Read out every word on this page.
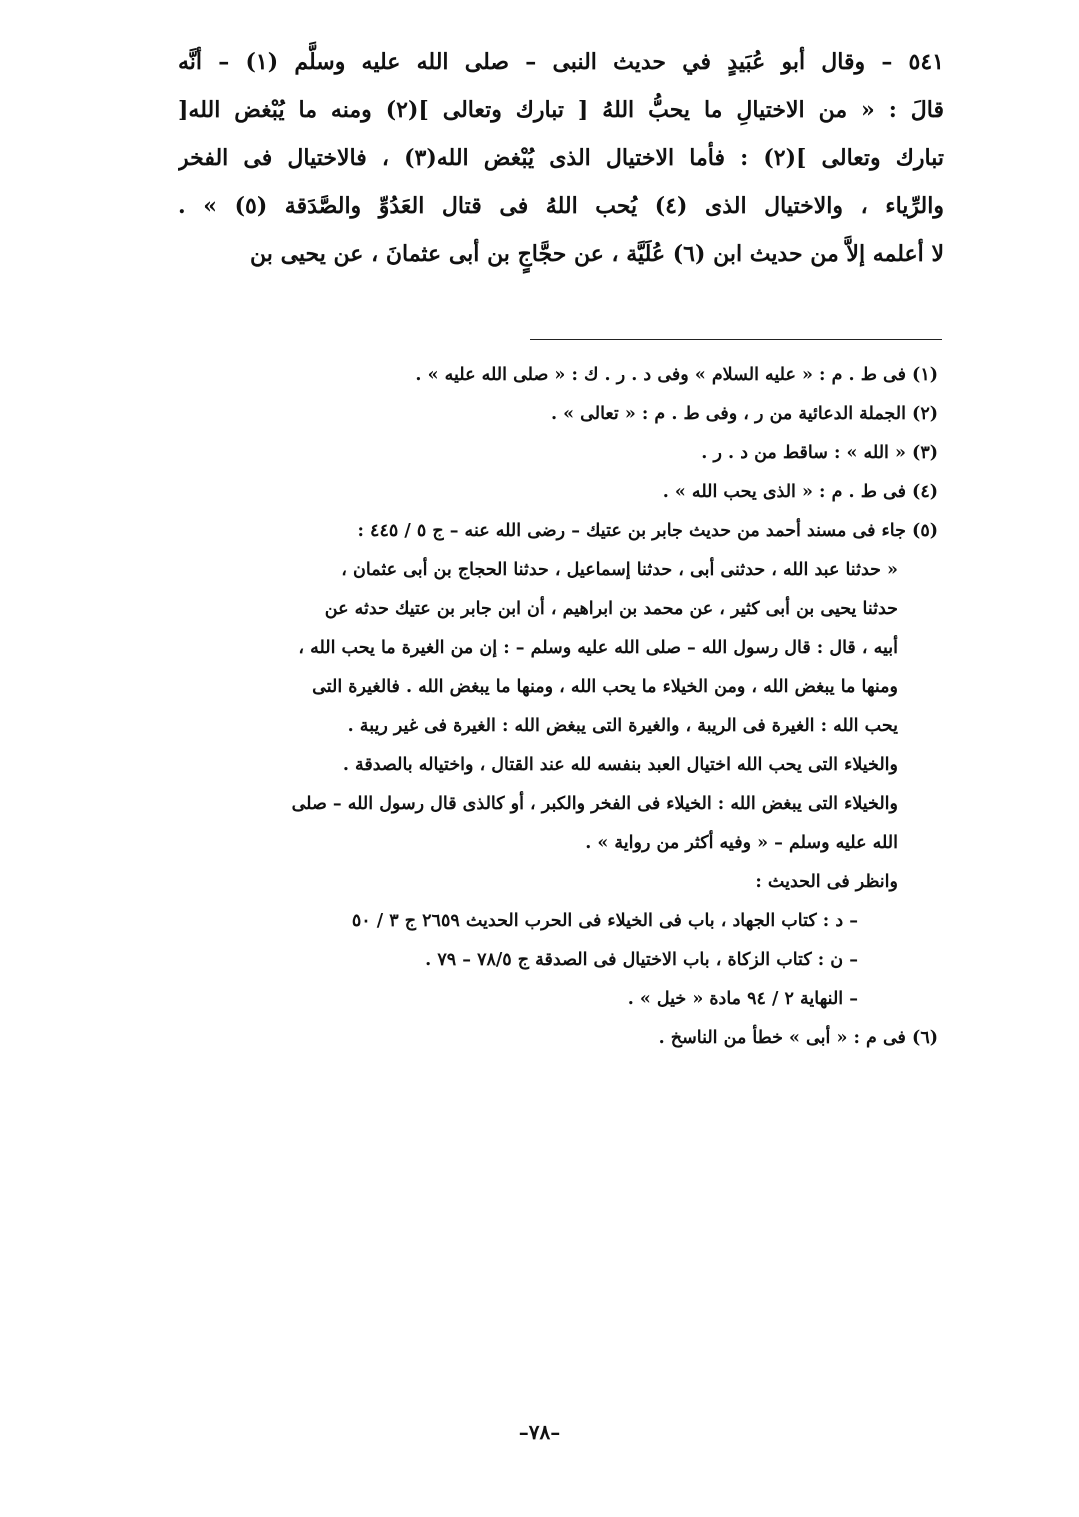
٥٤١ – وقال أبو عُبَيدٍ في حديث النبى – صلى الله عليه وسلَّم (١) – أنَّه
قالَ : « من الاختيالِ ما يحبُّ اللهُ [ تبارك وتعالى ](٢) ومنه ما يُبْغض الله[
تبارك وتعالى ](٢) : فأما الاختيال الذى يُبْغض الله(٣) ، فالاختيال فى الفخر
والرِّياء ، والاختيال الذى (٤) يُحب اللهُ فى قتال العَدُوِّ والصَّدَقة (٥) » .
لا أعلمه إلاَّ من حديث ابن (٦) عُلَيَّة ، عن حجَّاجٍ بن أبى عثمانَ ، عن يحيى بن
(١) فى ط . م : « عليه السلام » وفى د . ر . ك : « صلى الله عليه » .
(٢) الجملة الدعائية من ر ، وفى ط . م : « تعالى » .
(٣) « الله » : ساقط من د . ر .
(٤) فى ط . م : « الذى يحب الله » .
(٥) جاء فى مسند أحمد من حديث جابر بن عتيك – رضى الله عنه – ج ٥ / ٤٤٥ :
« حدثنا عبد الله ، حدثنى أبى ، حدثنا إسماعيل ، حدثنا الحجاج بن أبى عثمان ،
حدثنا يحيى بن أبى كثير ، عن محمد بن ابراهيم ، أن ابن جابر بن عتيك حدثه عن
أبيه ، قال : قال رسول الله – صلى الله عليه وسلم – : إن من الغيرة ما يحب الله ،
ومنها ما يبغض الله ، ومن الخيلاء ما يحب الله ، ومنها ما يبغض الله . فالغيرة التى
يحب الله : الغيرة فى الريبة ، والغيرة التى يبغض الله : الغيرة فى غير ريبة .
والخيلاء التى يحب الله اختيال العبد بنفسه لله عند القتال ، واختياله بالصدقة .
والخيلاء التى يبغض الله : الخيلاء فى الفخر والكبر ، أو كالذى قال رسول الله – صلى
الله عليه وسلم – « وفيه أكثر من رواية » .
وانظر فى الحديث :
– د : كتاب الجهاد ، باب فى الخيلاء فى الحرب الحديث ٢٦٥٩ ج ٣ / ٥٠
– ن : كتاب الزكاة ، باب الاختيال فى الصدقة ج ٧٨/٥ – ٧٩ .
– النهاية ٢ / ٩٤ مادة « خيل » .
(٦) فى م : « أبى » خطأ من الناسخ .
–٧٨–
